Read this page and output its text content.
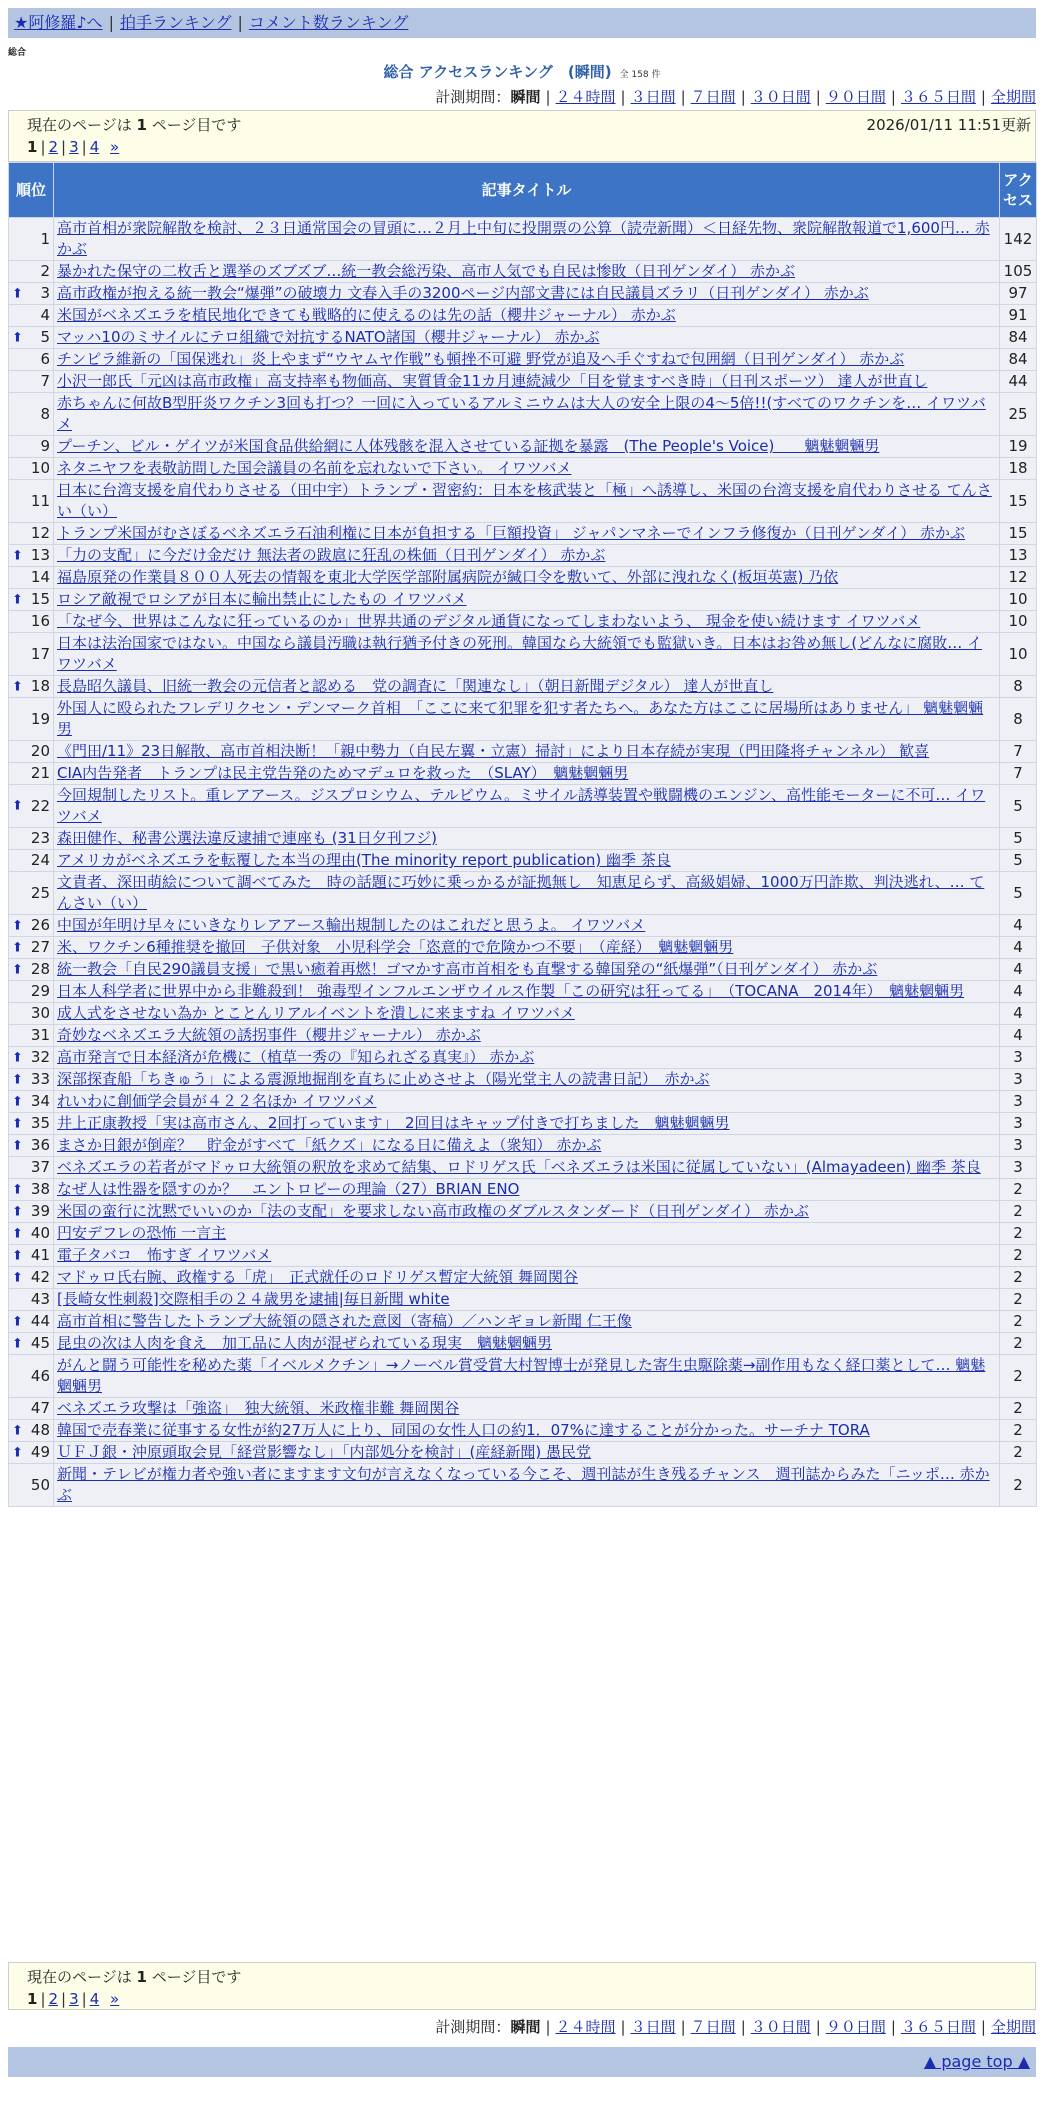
★阿修羅♪へ | 拍手ランキング | コメント数ランキング
総合
総合 アクセスランキング　(瞬間) 全 158 件
計測期間：瞬間 | ２４時間 | ３日間 | ７日間 | ３０日間 | ９０日間 | ３６５日間 | 全期間
現在のページは 1 ページ目です	2026/01/11 11:51更新
1 | 2 | 3 | 4 »
順位	記事タイトル	アクセス
1	高市首相が衆院解散を検討、２３日通常国会の冒頭に…２月上中旬に投開票の公算（読売新聞）＜日経先物、衆院解散報道で1,600円… 赤かぶ	142
2	暴かれた保守の二枚舌と選挙のズブズブ…統一教会総汚染、高市人気でも自民は惨敗（日刊ゲンダイ） 赤かぶ	105

⬆ 3	高市政権が抱える統一教会“爆弾”の破壊力 文春入手の3200ページ内部文書には自民議員ズラリ（日刊ゲンダイ） 赤かぶ	97
4	米国がベネズエラを植民地化できても戦略的に使えるのは先の話（櫻井ジャーナル） 赤かぶ	91

⬆ 5	マッハ10のミサイルにテロ組織で対抗するNATO諸国（櫻井ジャーナル） 赤かぶ	84
6	チンピラ維新の「国保逃れ」炎上やまず“ウヤムヤ作戦”も頓挫不可避 野党が追及へ手ぐすねで包囲網（日刊ゲンダイ） 赤かぶ	84
7	小沢一郎氏「元凶は高市政権」高支持率も物価高、実質賃金11カ月連続減少「目を覚ますべき時」（日刊スポーツ） 達人が世直し	44
8	赤ちゃんに何故B型肝炎ワクチン3回も打つ？一回に入っているアルミニウムは大人の安全上限の4〜5倍!!(すべてのワクチンを… イワツバメ	25
9	プーチン、ビル・ゲイツが米国食品供給網に人体残骸を混入させている証拠を暴露　(The People's Voice)　　魑魅魍魎男	19
10	ネタニヤフを表敬訪問した国会議員の名前を忘れないで下さい。 イワツバメ	18
11	日本に台湾支援を肩代わりさせる（田中宇）トランプ・習密約：日本を核武装と「極」へ誘導し、米国の台湾支援を肩代わりさせる てんさい（い）	15
12	トランプ米国がむさぼるベネズエラ石油利権に日本が負担する「巨額投資」 ジャパンマネーでインフラ修復か（日刊ゲンダイ） 赤かぶ	15

⬆ 13	「力の支配」に今だけ金だけ 無法者の跋扈に狂乱の株価（日刊ゲンダイ） 赤かぶ	13
14	福島原発の作業員８００人死去の情報を東北大学医学部附属病院が緘口令を敷いて、外部に洩れなく(板垣英憲) 乃依	12

⬆ 15	ロシア敵視でロシアが日本に輸出禁止にしたもの イワツバメ	10
16	「なぜ今、世界はこんなに狂っているのか」世界共通のデジタル通貨になってしまわないよう、 現金を使い続けます イワツバメ	10
17	日本は法治国家ではない。中国なら議員汚職は執行猶予付きの死刑。韓国なら大統領でも監獄いき。日本はお咎め無し(どんなに腐敗… イワツバメ	10

⬆ 18	長島昭久議員、旧統一教会の元信者と認める　党の調査に「関連なし」（朝日新聞デジタル） 達人が世直し	8
19	外国人に殴られたフレデリクセン・デンマーク首相　「ここに来て犯罪を犯す者たちへ。あなた方はここに居場所はありません」 魑魅魍魎男	8
20	《門田/11》23日解散、高市首相決断！「親中勢力（自民左翼・立憲）掃討」により日本存続が実現（門田隆将チャンネル） 歓喜	7
21	CIA内告発者　トランプは民主党告発のためマデュロを救った　（SLAY）　魑魅魍魎男	7

⬆ 22	今回規制したリスト。重レアアース。ジスプロシウム、テルビウム。ミサイル誘導装置や戦闘機のエンジン、高性能モーターに不可… イワツバメ	5
23	森田健作、秘書公選法違反逮捕で連座も (31日夕刊フジ)	5
24	アメリカがベネズエラを転覆した本当の理由(The minority report publication) 幽季 茶良	5
25	文責者、深田萌絵について調べてみた　時の話題に巧妙に乗っかるが証拠無し　知恵足らず、高級娼婦、1000万円詐欺、判決逃れ、… てんさい（い）	5

⬆ 26	中国が年明け早々にいきなりレアアース輸出規制したのはこれだと思うよ。 イワツバメ	4

⬆ 27	米、ワクチン6種推奨を撤回　子供対象　小児科学会「恣意的で危険かつ不要」　（産経）　魑魅魍魎男	4

⬆ 28	統一教会「自民290議員支援」で黒い癒着再燃！ゴマかす高市首相をも直撃する韓国発の“紙爆弾”（日刊ゲンダイ） 赤かぶ	4
29	日本人科学者に世界中から非難殺到！ 強毒型インフルエンザウイルス作製「この研究は狂ってる」　（TOCANA　2014年）　魑魅魍魎男	4
30	成人式をさせない為か とことんリアルイベントを潰しに来ますね イワツバメ	4
31	奇妙なベネズエラ大統領の誘拐事件（櫻井ジャーナル） 赤かぶ	4

⬆ 32	高市発言で日本経済が危機に（植草一秀の『知られざる真実』） 赤かぶ	3

⬆ 33	深部探査船「ちきゅう」による震源地掘削を直ちに止めさせよ（陽光堂主人の読書日記）　赤かぶ	3

⬆ 34	れいわに創価学会員が４２２名ほか イワツバメ	3

⬆ 35	井上正康教授「実は高市さん、2回打っています」　2回目はキャップ付きで打ちました　魑魅魍魎男	3

⬆ 36	まさか日銀が倒産？　貯金がすべて「紙クズ」になる日に備えよ（衆知） 赤かぶ	3
37	ベネズエラの若者がマドゥロ大統領の釈放を求めて結集、ロドリゲス氏「ベネズエラは米国に従属していない」(Almayadeen) 幽季 茶良	3

⬆ 38	なぜ人は性器を隠すのか？　エントロピーの理論（27）BRIAN ENO	2

⬆ 39	米国の蛮行に沈黙でいいのか「法の支配」を要求しない高市政権のダブルスタンダード（日刊ゲンダイ） 赤かぶ	2

⬆ 40	円安デフレの恐怖 一言主	2

⬆ 41	電子タバコ　怖すぎ イワツバメ	2

⬆ 42	マドゥロ氏右腕、政権する「虎」　正式就任のロドリゲス暫定大統領 舞岡関谷	2
43	[長崎女性刺殺]交際相手の２４歳男を逮捕|毎日新聞 white	2

⬆ 44	高市首相に警告したトランプ大統領の隠された意図（寄稿）／ハンギョレ新聞 仁王像	2

⬆ 45	昆虫の次は人肉を食え　加工品に人肉が混ぜられている現実　魑魅魍魎男	2
46	がんと闘う可能性を秘めた薬「イベルメクチン」→ノーベル賞受賞大村智博士が発見した寄生虫駆除薬→副作用もなく経口薬として… 魑魅魍魎男	2
47	ベネズエラ攻撃は「強盗」　独大統領、米政権非難 舞岡関谷	2

⬆ 48	韓国で売春業に従事する女性が約27万人に上り、同国の女性人口の約1．07%に達することが分かった。サーチナ TORA	2

⬆ 49	ＵＦＪ銀・沖原頭取会見「経営影響なし」「内部処分を検討」(産経新聞) 愚民党	2
50	新聞・テレビが権力者や強い者にますます文句が言えなくなっている今こそ、週刊誌が生き残るチャンス　週刊誌からみた「ニッポ… 赤かぶ	2
計測期間：瞬間 | ２４時間 | ３日間 | ７日間 | ３０日間 | ９０日間 | ３６５日間 | 全期間
現在のページは 1 ページ目です
1 | 2 | 3 | 4 »
▲ page top ▲
